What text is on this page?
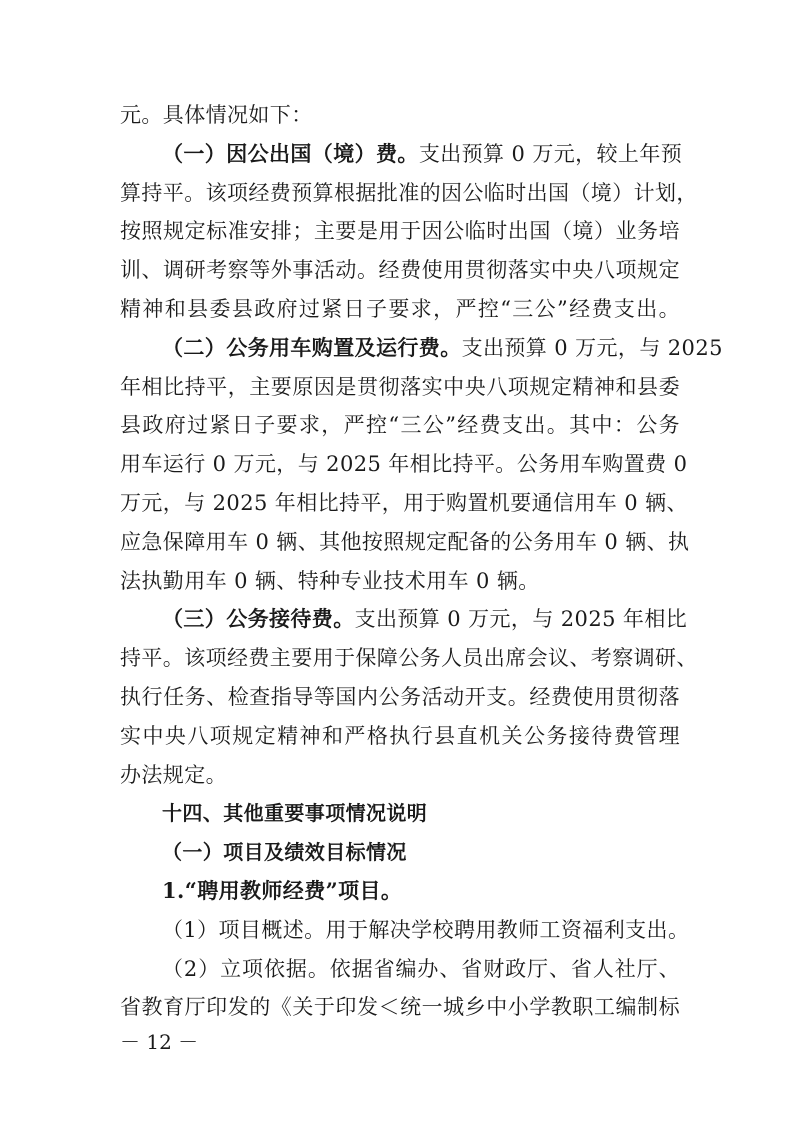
元。具体情况如下：
（一）因公出国（境）费。支出预算 0 万元，较上年预
算持平。该项经费预算根据批准的因公临时出国（境）计划，
按照规定标准安排；主要是用于因公临时出国（境）业务培
训、调研考察等外事活动。经费使用贯彻落实中央八项规定
精神和县委县政府过紧日子要求，严控“三公”经费支出。
（二）公务用车购置及运行费。支出预算 0 万元，与 2025
年相比持平，主要原因是贯彻落实中央八项规定精神和县委
县政府过紧日子要求，严控“三公”经费支出。其中：公务
用车运行 0 万元，与 2025 年相比持平。公务用车购置费 0
万元，与 2025 年相比持平，用于购置机要通信用车 0 辆、
应急保障用车 0 辆、其他按照规定配备的公务用车 0 辆、执
法执勤用车 0 辆、特种专业技术用车 0 辆。
（三）公务接待费。支出预算 0 万元，与 2025 年相比
持平。该项经费主要用于保障公务人员出席会议、考察调研、
执行任务、检查指导等国内公务活动开支。经费使用贯彻落
实中央八项规定精神和严格执行县直机关公务接待费管理
办法规定。
十四、其他重要事项情况说明
（一）项目及绩效目标情况
1.“聘用教师经费”项目。
（1）项目概述。用于解决学校聘用教师工资福利支出。
（2）立项依据。依据省编办、省财政厅、省人社厅、
省教育厅印发的《关于印发＜统一城乡中小学教职工编制标
－ 12 －
